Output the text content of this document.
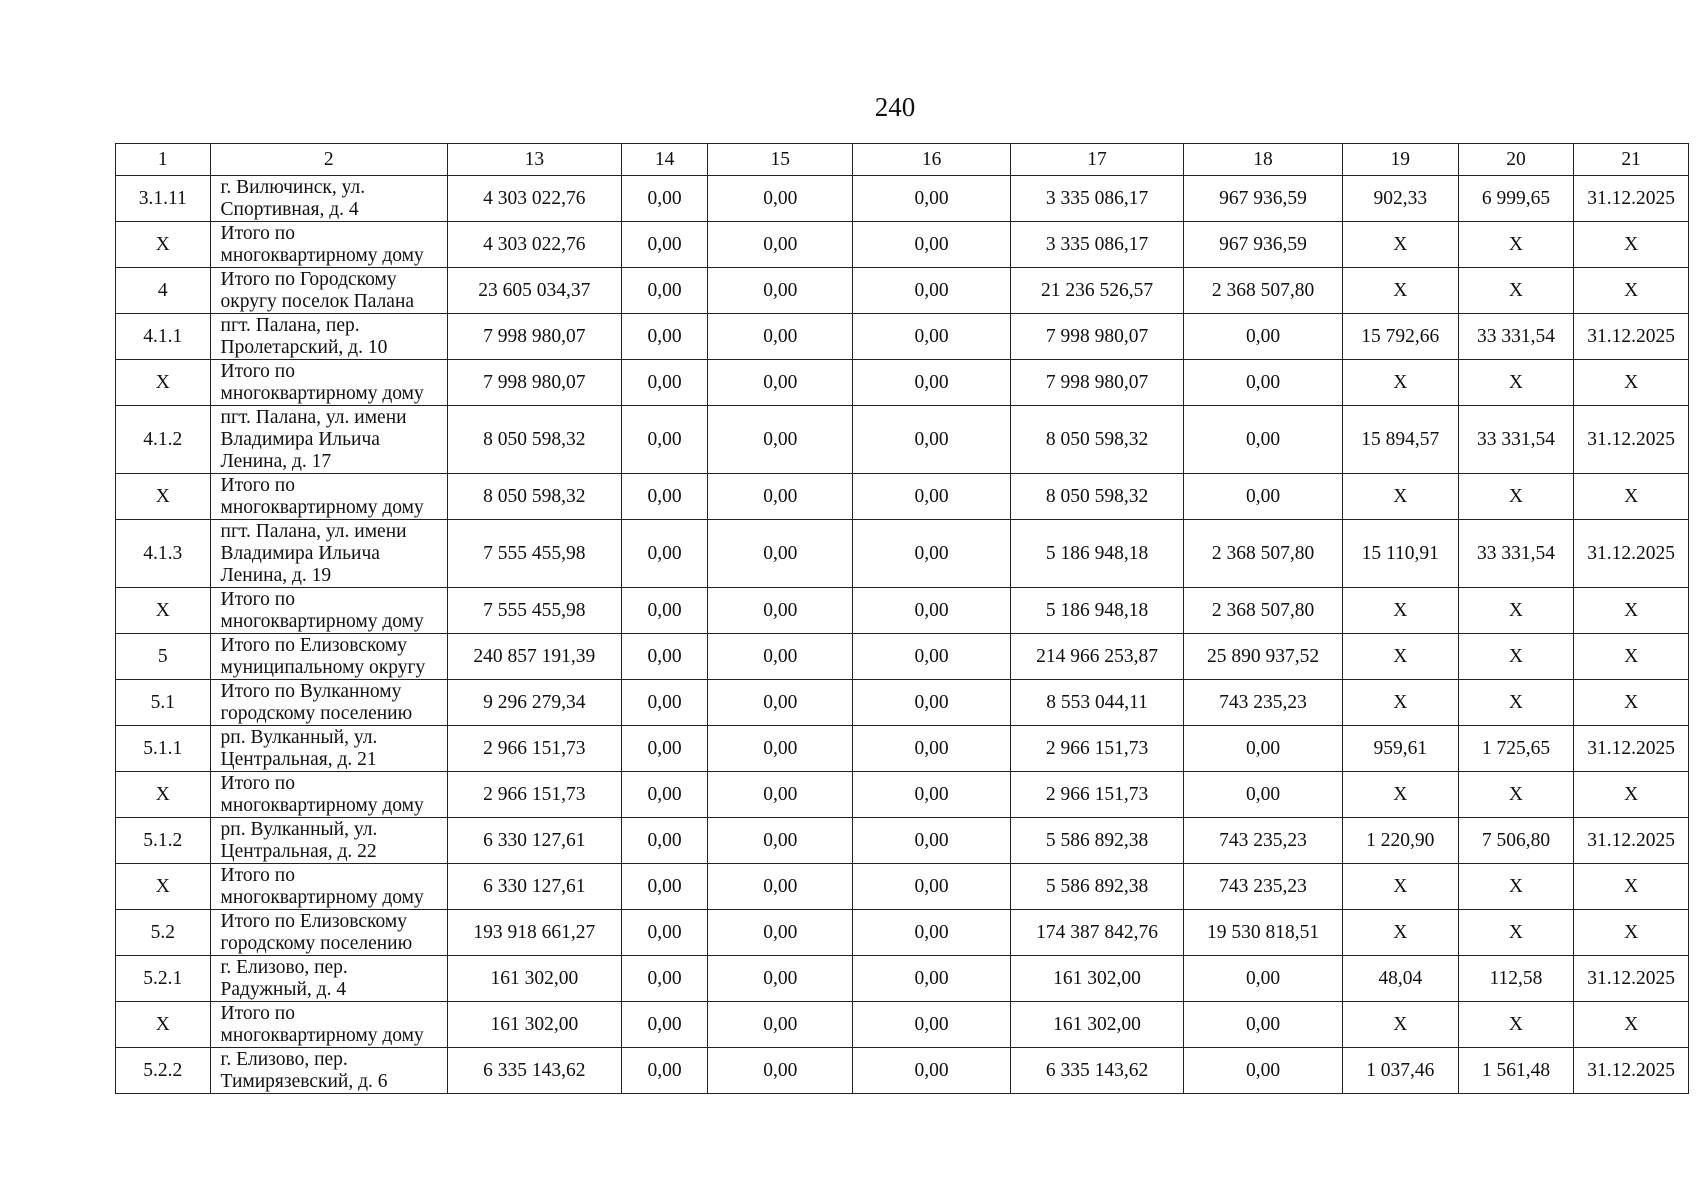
240
1	2	13	14	15	16	17	18	19	20	21
3.1.11	г. Вилючинск, ул. Спортивная, д. 4	4 303 022,76	0,00	0,00	0,00	3 335 086,17	967 936,59	902,33	6 999,65	31.12.2025
Х	Итого по многоквартирному дому	4 303 022,76	0,00	0,00	0,00	3 335 086,17	967 936,59	Х	Х	Х
4	Итого по Городскому округу поселок Палана	23 605 034,37	0,00	0,00	0,00	21 236 526,57	2 368 507,80	Х	Х	Х
4.1.1	пгт. Палана, пер. Пролетарский, д. 10	7 998 980,07	0,00	0,00	0,00	7 998 980,07	0,00	15 792,66	33 331,54	31.12.2025
Х	Итого по многоквартирному дому	7 998 980,07	0,00	0,00	0,00	7 998 980,07	0,00	Х	Х	Х
4.1.2	пгт. Палана, ул. имени Владимира Ильича Ленина, д. 17	8 050 598,32	0,00	0,00	0,00	8 050 598,32	0,00	15 894,57	33 331,54	31.12.2025
Х	Итого по многоквартирному дому	8 050 598,32	0,00	0,00	0,00	8 050 598,32	0,00	Х	Х	Х
4.1.3	пгт. Палана, ул. имени Владимира Ильича Ленина, д. 19	7 555 455,98	0,00	0,00	0,00	5 186 948,18	2 368 507,80	15 110,91	33 331,54	31.12.2025
Х	Итого по многоквартирному дому	7 555 455,98	0,00	0,00	0,00	5 186 948,18	2 368 507,80	Х	Х	Х
5	Итого по Елизовскому муниципальному округу	240 857 191,39	0,00	0,00	0,00	214 966 253,87	25 890 937,52	Х	Х	Х
5.1	Итого по Вулканному городскому поселению	9 296 279,34	0,00	0,00	0,00	8 553 044,11	743 235,23	Х	Х	Х
5.1.1	рп. Вулканный, ул. Центральная, д. 21	2 966 151,73	0,00	0,00	0,00	2 966 151,73	0,00	959,61	1 725,65	31.12.2025
Х	Итого по многоквартирному дому	2 966 151,73	0,00	0,00	0,00	2 966 151,73	0,00	Х	Х	Х
5.1.2	рп. Вулканный, ул. Центральная, д. 22	6 330 127,61	0,00	0,00	0,00	5 586 892,38	743 235,23	1 220,90	7 506,80	31.12.2025
Х	Итого по многоквартирному дому	6 330 127,61	0,00	0,00	0,00	5 586 892,38	743 235,23	Х	Х	Х
5.2	Итого по Елизовскому городскому поселению	193 918 661,27	0,00	0,00	0,00	174 387 842,76	19 530 818,51	Х	Х	Х
5.2.1	г. Елизово, пер. Радужный, д. 4	161 302,00	0,00	0,00	0,00	161 302,00	0,00	48,04	112,58	31.12.2025
Х	Итого по многоквартирному дому	161 302,00	0,00	0,00	0,00	161 302,00	0,00	Х	Х	Х
5.2.2	г. Елизово, пер. Тимирязевский, д. 6	6 335 143,62	0,00	0,00	0,00	6 335 143,62	0,00	1 037,46	1 561,48	31.12.2025
